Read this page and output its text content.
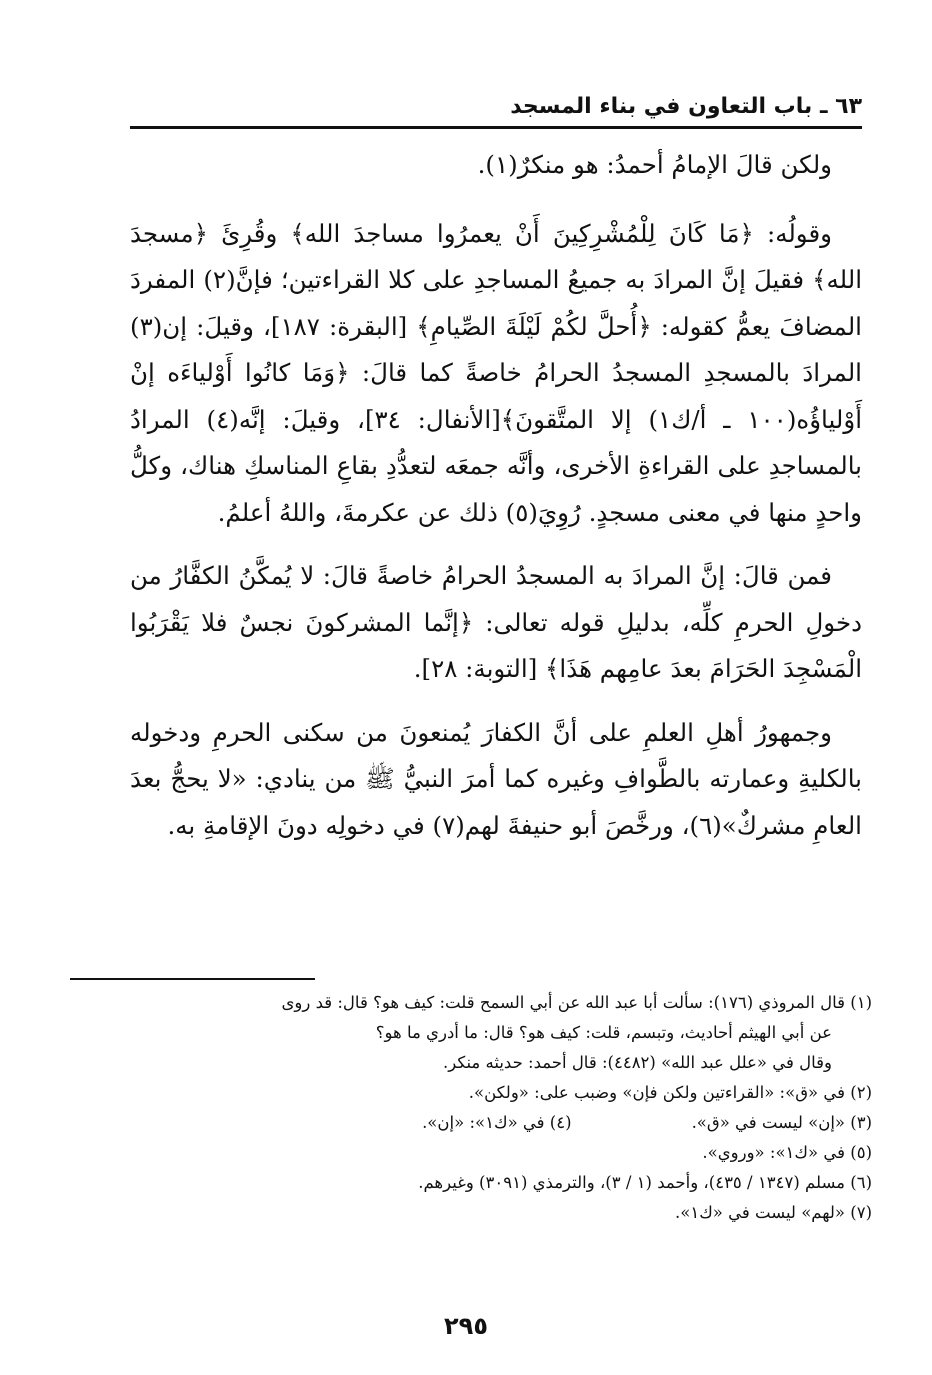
٦٣ ـ باب التعاون في بناء المسجد

ولكن قالَ الإمامُ أحمدُ: هو منكرٌ(١).

وقولُه: ﴿مَا كَانَ لِلْمُشْرِكِينَ أَنْ يعمرُوا مساجدَ الله﴾ وقُرِئَ ﴿مسجدَ الله﴾ فقيلَ إنَّ المرادَ به جميعُ المساجدِ على كلا القراءتين؛ فإنَّ(٢) المفردَ المضافَ يعمُّ كقوله: ﴿أُحلَّ لكُمْ لَيْلَةَ الصِّيامِ﴾ [البقرة: ١٨٧]، وقيلَ: إن(٣) المرادَ بالمسجدِ المسجدُ الحرامُ خاصةً كما قالَ: ﴿وَمَا كانُوا أَوْلياءَه إنْ أَوْلياؤُه(١٠٠ ـ أ/ك١) إلا المتَّقونَ﴾[الأنفال: ٣٤]، وقيلَ: إنَّه(٤) المرادُ بالمساجدِ على القراءةِ الأخرى، وأنَّه جمعَه لتعدُّدِ بقاعِ المناسكِ هناك، وكلُّ واحدٍ منها في معنى مسجدٍ. رُوِيَ(٥) ذلك عن عكرمةَ، واللهُ أعلمُ.

فمن قالَ: إنَّ المرادَ به المسجدُ الحرامُ خاصةً قالَ: لا يُمكَّنُ الكفَّارُ من دخولِ الحرمِ كلِّه، بدليلِ قوله تعالى: ﴿إنَّما المشركونَ نجسٌ فلا يَقْرَبُوا الْمَسْجِدَ الحَرَامَ بعدَ عامِهم هَذَا﴾ [التوبة: ٢٨].

وجمهورُ أهلِ العلمِ على أنَّ الكفارَ يُمنعونَ من سكنى الحرمِ ودخوله بالكليةِ وعمارته بالطَّوافِ وغيره كما أمرَ النبيُّ ﷺ من ينادي: «لا يحجُّ بعدَ العامِ مشركٌ»(٦)، ورخَّصَ أبو حنيفةَ لهم(٧) في دخولِه دونَ الإقامةِ به.

(١) قال المروذي (١٧٦): سألت أبا عبد الله عن أبي السمح قلت: كيف هو؟ قال: قد روى
عن أبي الهيثم أحاديث، وتبسم، قلت: كيف هو؟ قال: ما أدري ما هو؟
وقال في «علل عبد الله» (٤٤٨٢): قال أحمد: حديثه منكر.
(٢) في «ق»: «القراءتين ولكن فإن» وضبب على: «ولكن».
(٣) «إن» ليست في «ق».
(٤) في «ك١»: «إن».
(٥) في «ك١»: «وروي».
(٦) مسلم (١٣٤٧ / ٤٣٥)، وأحمد (١ / ٣)، والترمذي (٣٠٩١) وغيرهم.
(٧) «لهم» ليست في «ك١».
٢٩٥
